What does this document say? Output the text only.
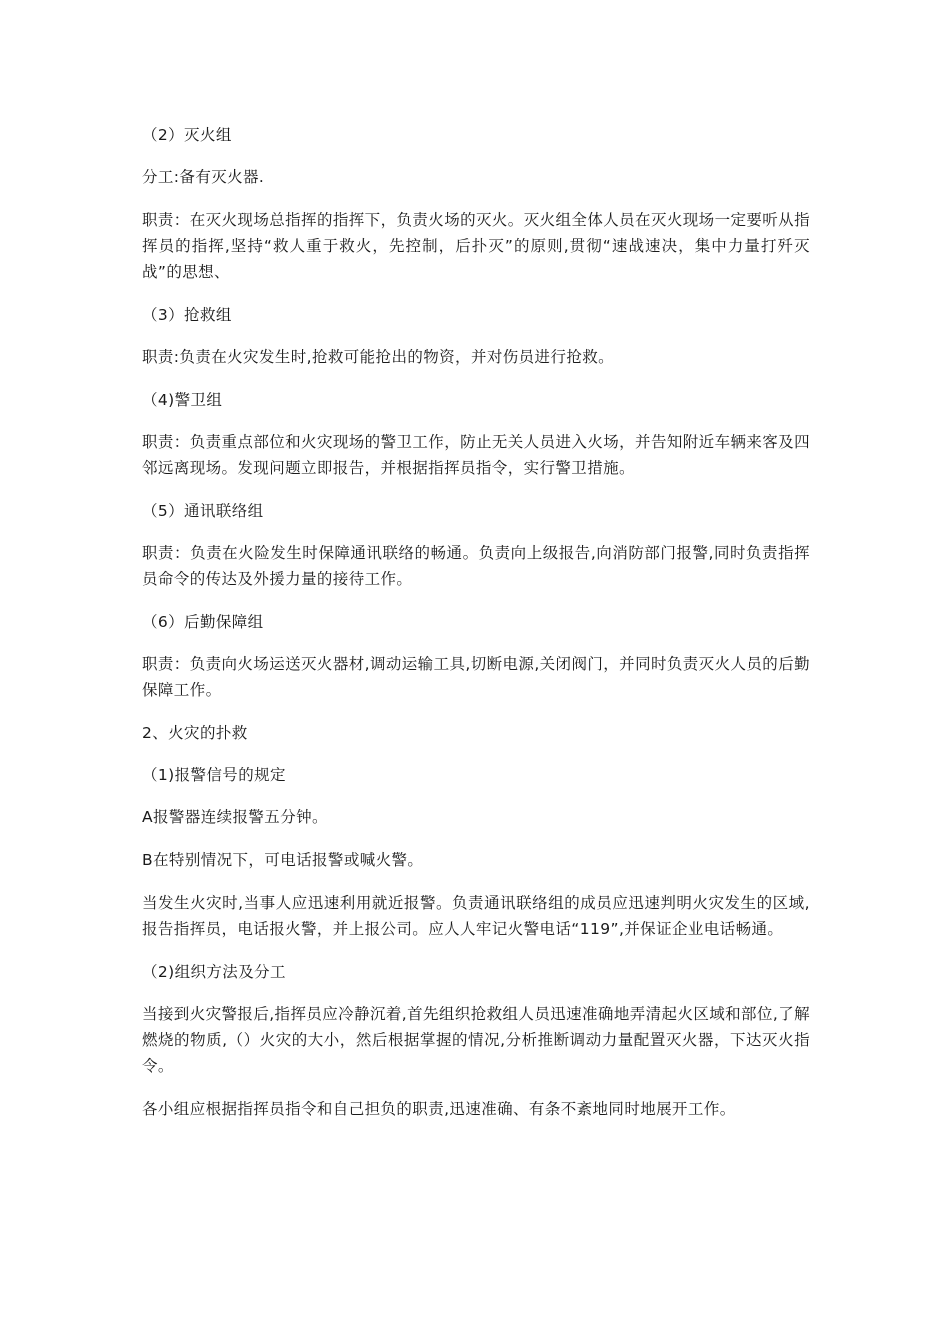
（2）灭火组

分工:备有灭火器.

职责：在灭火现场总指挥的指挥下，负责火场的灭火。灭火组全体人员在灭火现场一定要听从指挥员的指挥,坚持“救人重于救火，先控制，后扑灭”的原则,贯彻“速战速决，集中力量打歼灭战”的思想、

（3）抢救组

职责:负责在火灾发生时,抢救可能抢出的物资，并对伤员进行抢救。

（4)警卫组

职责：负责重点部位和火灾现场的警卫工作，防止无关人员进入火场，并告知附近车辆来客及四邻远离现场。发现问题立即报告，并根据指挥员指令，实行警卫措施。

（5）通讯联络组

职责：负责在火险发生时保障通讯联络的畅通。负责向上级报告,向消防部门报警,同时负责指挥员命令的传达及外援力量的接待工作。

（6）后勤保障组

职责：负责向火场运送灭火器材,调动运输工具,切断电源,关闭阀门，并同时负责灭火人员的后勤保障工作。

2、火灾的扑救

（1)报警信号的规定

A报警器连续报警五分钟。

B在特别情况下，可电话报警或喊火警。

当发生火灾时,当事人应迅速利用就近报警。负责通讯联络组的成员应迅速判明火灾发生的区域,报告指挥员，电话报火警，并上报公司。应人人牢记火警电话“119”,并保证企业电话畅通。

（2)组织方法及分工

当接到火灾警报后,指挥员应冷静沉着,首先组织抢救组人员迅速准确地弄清起火区域和部位,了解燃烧的物质,（）火灾的大小，然后根据掌握的情况,分析推断调动力量配置灭火器，下达灭火指令。

各小组应根据指挥员指令和自己担负的职责,迅速准确、有条不紊地同时地展开工作。
